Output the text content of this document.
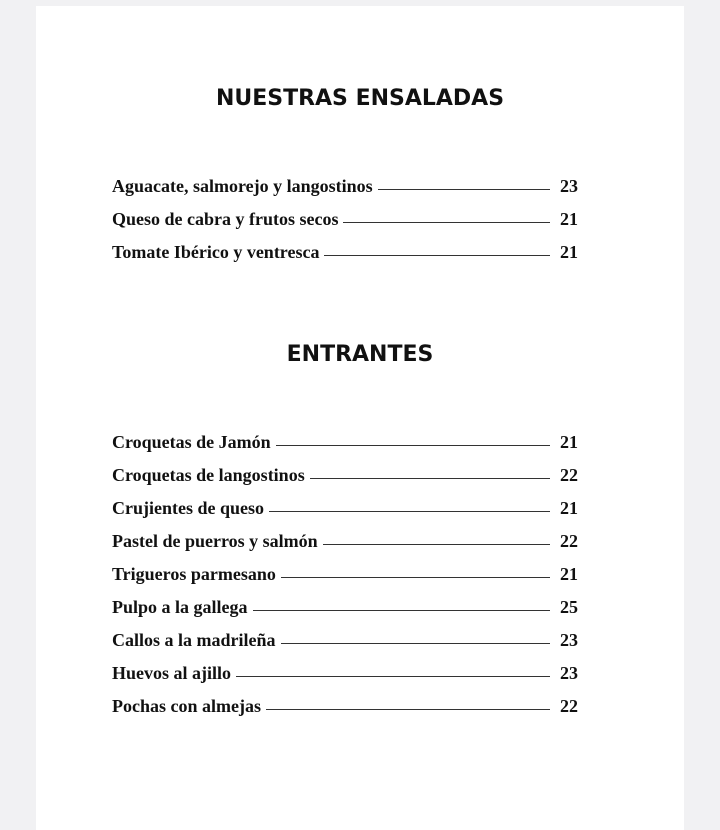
NUESTRAS ENSALADAS
Aguacate, salmorejo y langostinos	23
Queso de cabra y frutos secos	21
Tomate Ibérico y ventresca	21
ENTRANTES
Croquetas de Jamón	21
Croquetas de langostinos	22
Crujientes de queso	21
Pastel de puerros y salmón	22
Trigueros parmesano	21
Pulpo a la gallega	25
Callos a la madrileña	23
Huevos al ajillo	23
Pochas con almejas	22
